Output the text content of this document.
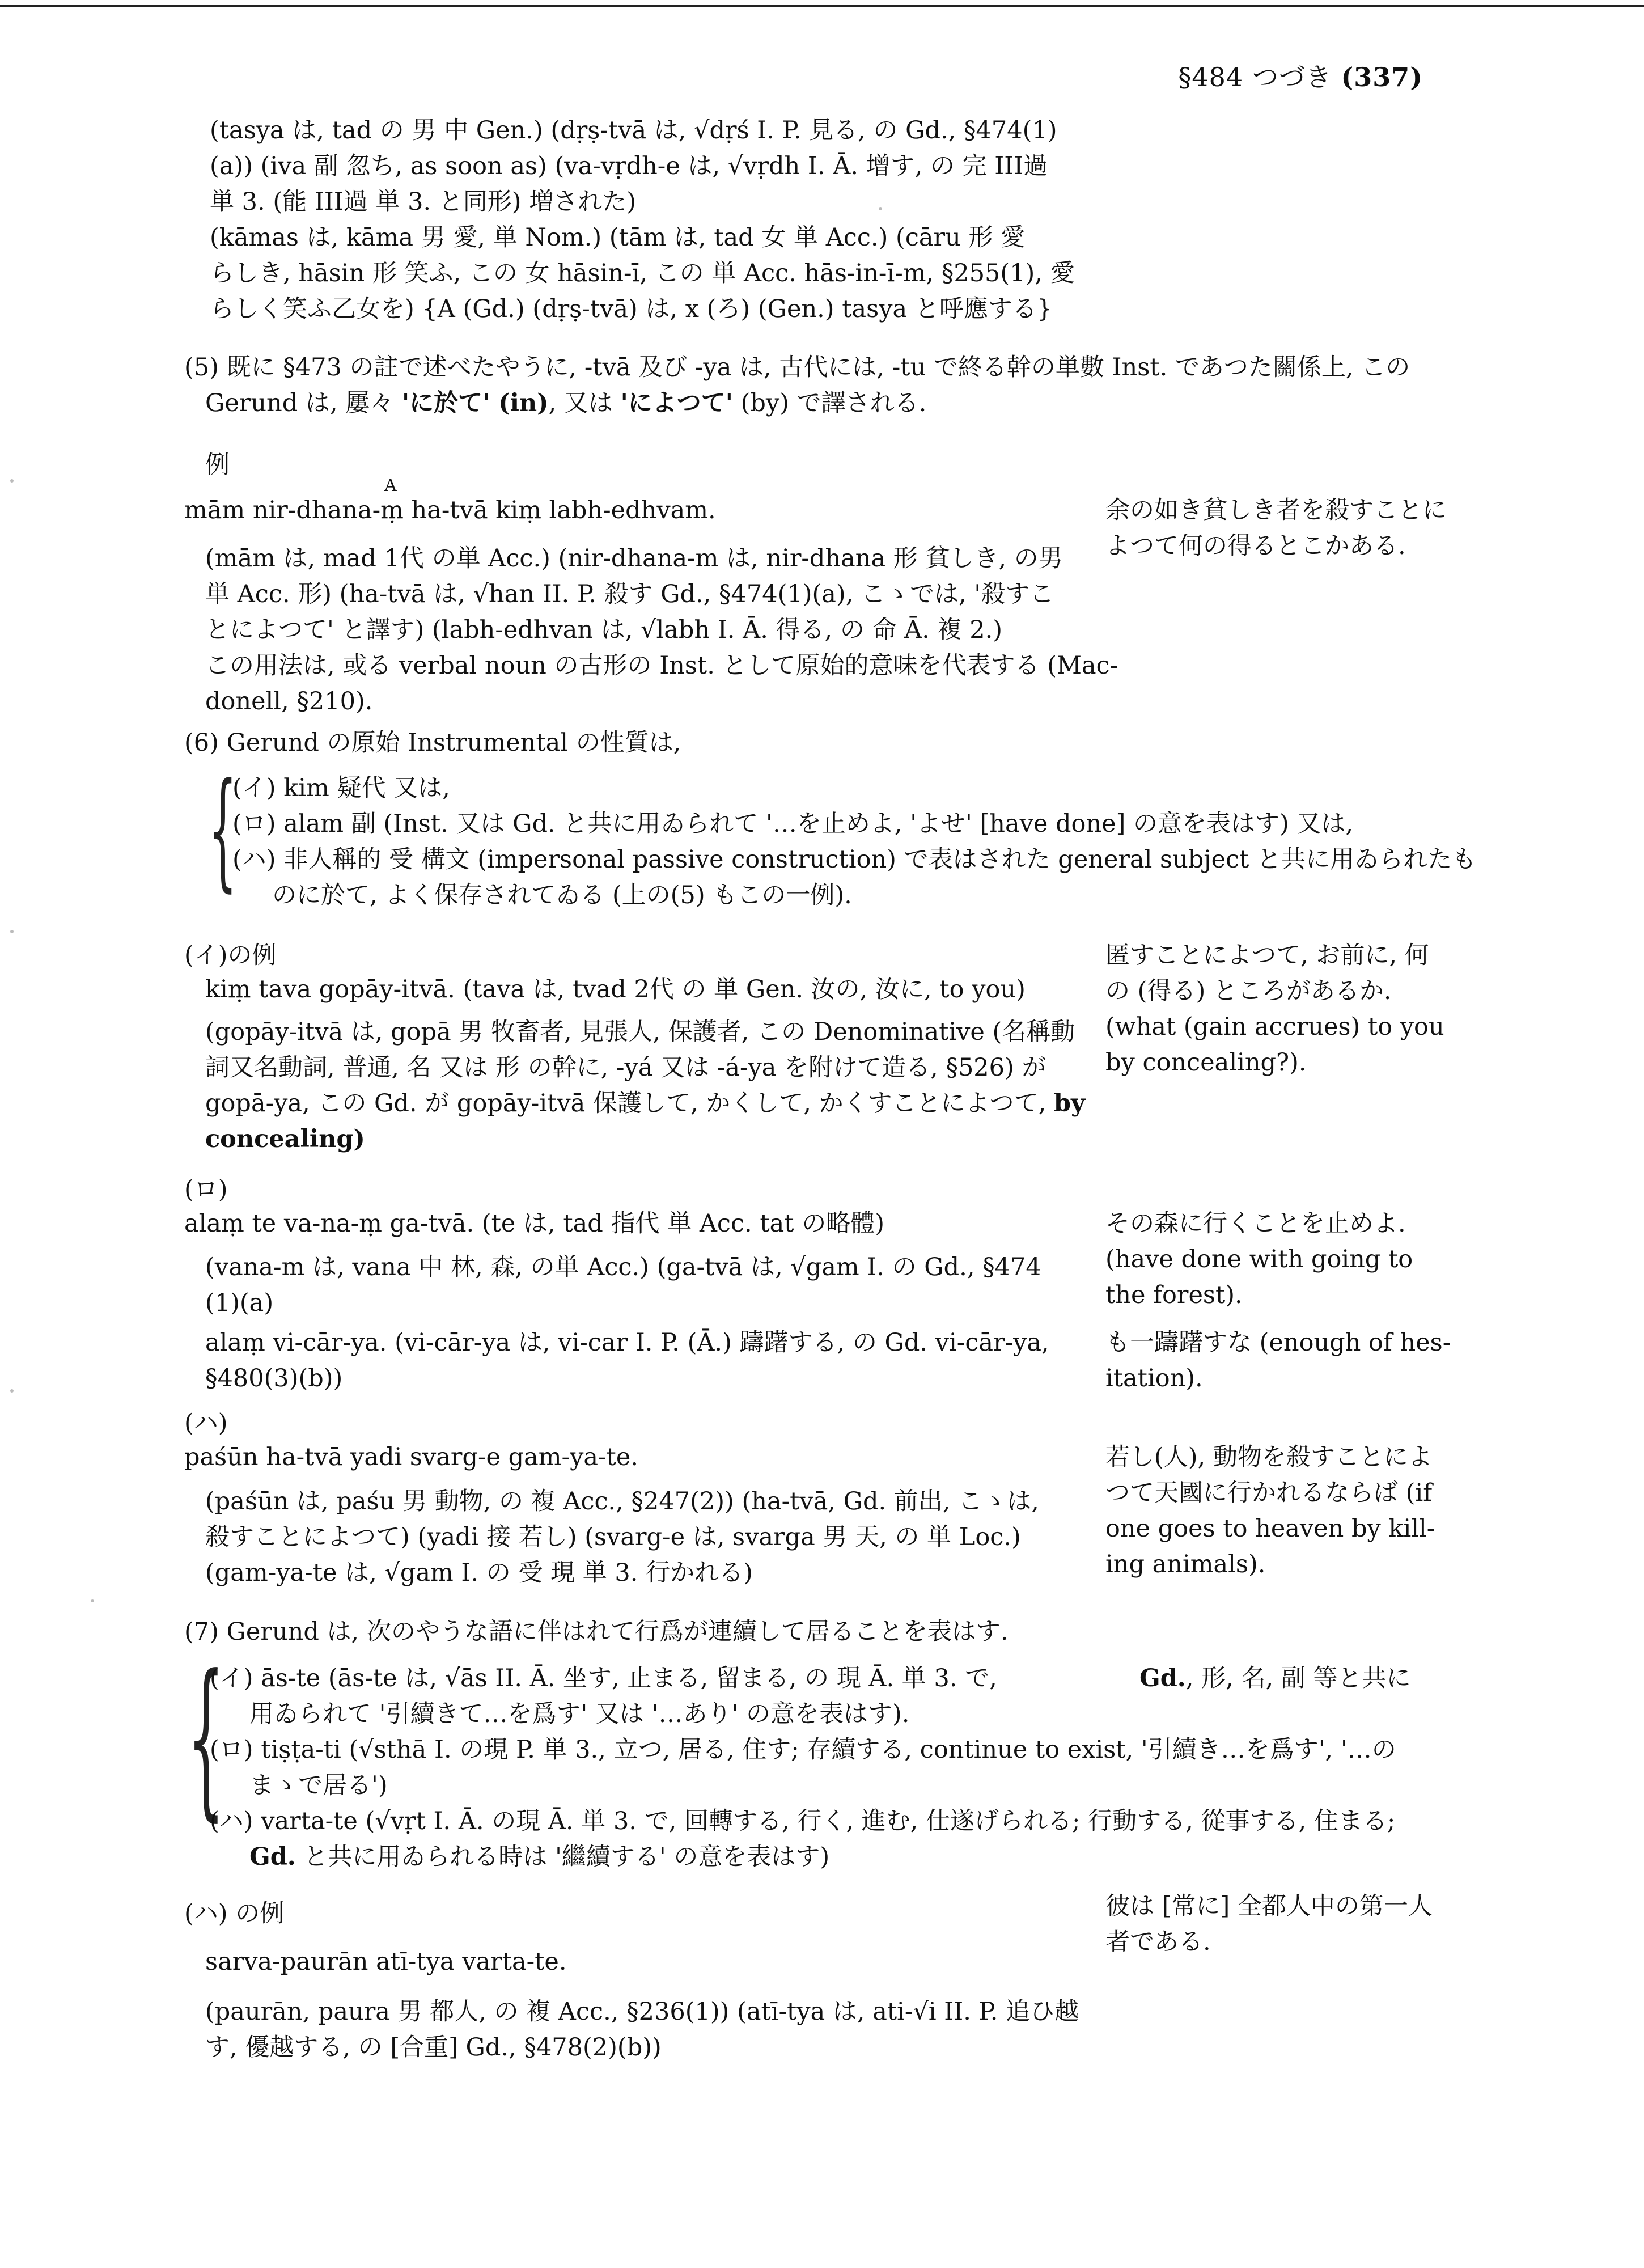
§484 つづき (337)
(tasya は, tad の 男 中 Gen.) (dṛṣ-tvā は, √dṛś I. P. 見る, の Gd., §474(1)
(a)) (iva 副 忽ち, as soon as) (va-vṛdh-e は, √vṛdh I. Ā. 增す, の 完 III過
単 3. (能 III過 単 3. と同形) 増された)
(kāmas は, kāma 男 愛, 単 Nom.) (tām は, tad 女 単 Acc.) (cāru 形 愛
らしき, hāsin 形 笑ふ, この 女 hāsin-ī, この 単 Acc. hās-in-ī-m, §255(1), 愛
らしく笑ふ乙女を) {A (Gd.) (dṛṣ-tvā) は, x (ろ) (Gen.) tasya と呼應する}
(5) 既に §473 の註で述べたやうに, -tvā 及び -ya は, 古代には, -tu で終る幹の単數 Inst. であつた關係上, この
Gerund は, 屢々 'に於て' (in), 又は 'によつて' (by) で譯される.
例
A
mām nir-dhana-ṃ ha-tvā kiṃ labh-edhvam.	余の如き貧しき者を殺すことに
よつて何の得るとこかある.
(mām は, mad 1代 の単 Acc.) (nir-dhana-m は, nir-dhana 形 貧しき, の男
単 Acc. 形) (ha-tvā は, √han II. P. 殺す Gd., §474(1)(a), こゝでは, '殺すこ
とによつて' と譯す) (labh-edhvan は, √labh I. Ā. 得る, の 命 Ā. 複 2.)
この用法は, 或る verbal noun の古形の Inst. として原始的意味を代表する (Mac-
donell, §210).
(6) Gerund の原始 Instrumental の性質は,
{
(イ) kim 疑代 又は,
(ロ) alam 副 (Inst. 又は Gd. と共に用ゐられて '…を止めよ, 'よせ' [have done] の意を表はす) 又は,
(ハ) 非人稱的 受 構文 (impersonal passive construction) で表はされた general subject と共に用ゐられたも
のに於て, よく保存されてゐる (上の(5) もこの一例).
(イ)の例
kiṃ tava gopāy-itvā. (tava は, tvad 2代 の 単 Gen. 汝の, 汝に, to you)
(gopāy-itvā は, gopā 男 牧畜者, 見張人, 保護者, この Denominative (名稱動
詞又名動詞, 普通, 名 又は 形 の幹に, -yá 又は -á-ya を附けて造る, §526) が
gopā-ya, この Gd. が gopāy-itvā 保護して, かくして, かくすことによつて, by
concealing)
匿すことによつて, お前に, 何
の (得る) ところがあるか.
(what (gain accrues) to you
by concealing?).
(ロ)
alaṃ te va-na-ṃ ga-tvā. (te は, tad 指代 単 Acc. tat の略體)
(vana-m は, vana 中 林, 森, の単 Acc.) (ga-tvā は, √gam I. の Gd., §474
(1)(a)
alaṃ vi-cār-ya. (vi-cār-ya は, vi-car I. P. (Ā.) 躊躇する, の Gd. vi-cār-ya,
§480(3)(b))
その森に行くことを止めよ.
(have done with going to
the forest).
も一躊躇すな (enough of hes-
itation).
(ハ)
paśūn ha-tvā yadi svarg-e gam-ya-te.
(paśūn は, paśu 男 動物, の 複 Acc., §247(2)) (ha-tvā, Gd. 前出, こゝは,
殺すことによつて) (yadi 接 若し) (svarg-e は, svarga 男 天, の 単 Loc.)
(gam-ya-te は, √gam I. の 受 現 単 3. 行かれる)
若し(人), 動物を殺すことによ
つて天國に行かれるならば (if
one goes to heaven by kill-
ing animals).
(7) Gerund は, 次のやうな語に伴はれて行爲が連續して居ることを表はす.
{
(イ) ās-te (ās-te は, √ās II. Ā. 坐す, 止まる, 留まる, の 現 Ā. 単 3. で,	Gd., 形, 名, 副 等と共に
用ゐられて '引續きて…を爲す' 又は '…あり' の意を表はす).
(ロ) tiṣṭa-ti (√sthā I. の現 P. 単 3., 立つ, 居る, 住す; 存續する, continue to exist, '引續き…を爲す', '…の
まゝで居る')
(ハ) varta-te (√vṛt I. Ā. の現 Ā. 単 3. で, 回轉する, 行く, 進む, 仕遂げられる; 行動する, 從事する, 住まる;
Gd. と共に用ゐられる時は '繼續する' の意を表はす)
(ハ) の例
sarva-paurān atī-tya varta-te.
(paurān, paura 男 都人, の 複 Acc., §236(1)) (atī-tya は, ati-√i II. P. 追ひ越
す, 優越する, の [合重] Gd., §478(2)(b))
彼は [常に] 全都人中の第一人
者である.
